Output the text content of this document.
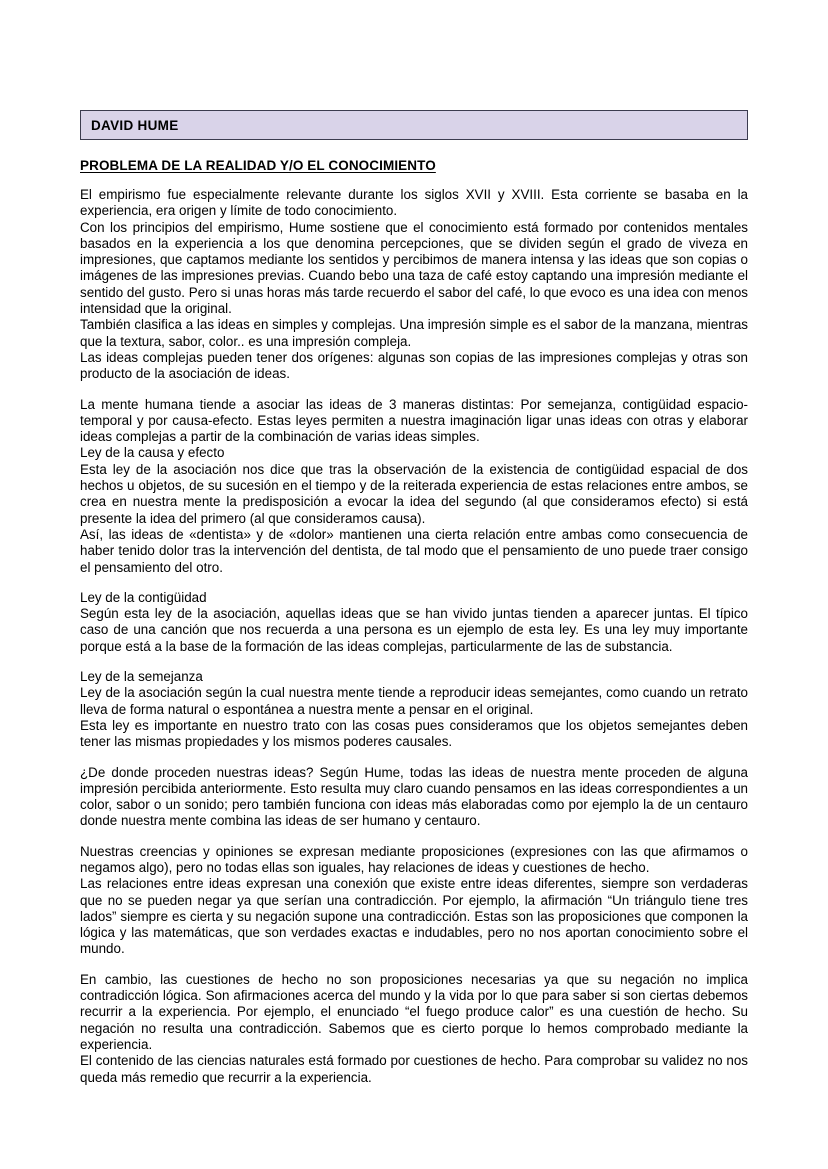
DAVID HUME
PROBLEMA DE LA REALIDAD Y/O EL CONOCIMIENTO

El empirismo fue especialmente relevante durante los siglos XVII y XVIII. Esta corriente se basaba en la experiencia, era origen y límite de todo conocimiento.

Con los principios del empirismo, Hume sostiene que el conocimiento está formado por contenidos mentales basados en la experiencia a los que denomina percepciones, que se dividen según el grado de viveza en impresiones, que captamos mediante los sentidos y percibimos de manera intensa y las ideas que son copias o imágenes de las impresiones previas. Cuando bebo una taza de café estoy captando una impresión mediante el sentido del gusto. Pero si unas horas más tarde recuerdo el sabor del café, lo que evoco es una idea con menos intensidad que la original.

También clasifica a las ideas en simples y complejas. Una impresión simple es el sabor de la manzana, mientras que la textura, sabor, color.. es una impresión compleja.

Las ideas complejas pueden tener dos orígenes: algunas son copias de las impresiones complejas y otras son producto de la asociación de ideas.

La mente humana tiende a asociar las ideas de 3 maneras distintas: Por semejanza, contigüidad espacio-temporal y por causa-efecto. Estas leyes permiten a nuestra imaginación ligar unas ideas con otras y elaborar ideas complejas a partir de la combinación de varias ideas simples.

Ley de la causa y efecto

Esta ley de la asociación nos dice que tras la observación de la existencia de contigüidad espacial de dos hechos u objetos, de su sucesión en el tiempo y de la reiterada experiencia de estas relaciones entre ambos, se crea en nuestra mente la predisposición a evocar la idea del segundo (al que consideramos efecto) si está presente la idea del primero (al que consideramos causa).

Así, las ideas de «dentista» y de «dolor» mantienen una cierta relación entre ambas como consecuencia de haber tenido dolor tras la intervención del dentista, de tal modo que el pensamiento de uno puede traer consigo el pensamiento del otro.

Ley de la contigüidad

Según esta ley de la asociación, aquellas ideas que se han vivido juntas tienden a aparecer juntas. El típico caso de una canción que nos recuerda a una persona es un ejemplo de esta ley. Es una ley muy importante porque está a la base de la formación de las ideas complejas, particularmente de las de substancia.

Ley de la semejanza

Ley de la asociación según la cual nuestra mente tiende a reproducir ideas semejantes, como cuando un retrato lleva de forma natural o espontánea a nuestra mente a pensar en el original.

Esta ley es importante en nuestro trato con las cosas pues consideramos que los objetos semejantes deben tener las mismas propiedades y los mismos poderes causales.

¿De donde proceden nuestras ideas? Según Hume, todas las ideas de nuestra mente proceden de alguna impresión percibida anteriormente. Esto resulta muy claro cuando pensamos en las ideas correspondientes a un color, sabor o un sonido; pero también funciona con ideas más elaboradas como por ejemplo la de un centauro donde nuestra mente combina las ideas de ser humano y centauro.

Nuestras creencias y opiniones se expresan mediante proposiciones (expresiones con las que afirmamos o negamos algo), pero no todas ellas son iguales, hay relaciones de ideas y cuestiones de hecho.

Las relaciones entre ideas expresan una conexión que existe entre ideas diferentes, siempre son verdaderas que no se pueden negar ya que serían una contradicción. Por ejemplo, la afirmación “Un triángulo tiene tres lados” siempre es cierta y su negación supone una contradicción. Estas son las proposiciones que componen la lógica y las matemáticas, que son verdades exactas e indudables, pero no nos aportan conocimiento sobre el mundo.

En cambio, las cuestiones de hecho no son proposiciones necesarias ya que su negación no implica contradicción lógica. Son afirmaciones acerca del mundo y la vida por lo que para saber si son ciertas debemos recurrir a la experiencia. Por ejemplo, el enunciado “el fuego produce calor” es una cuestión de hecho. Su negación no resulta una contradicción. Sabemos que es cierto porque lo hemos comprobado mediante la experiencia.

El contenido de las ciencias naturales está formado por cuestiones de hecho. Para comprobar su validez no nos queda más remedio que recurrir a la experiencia.
